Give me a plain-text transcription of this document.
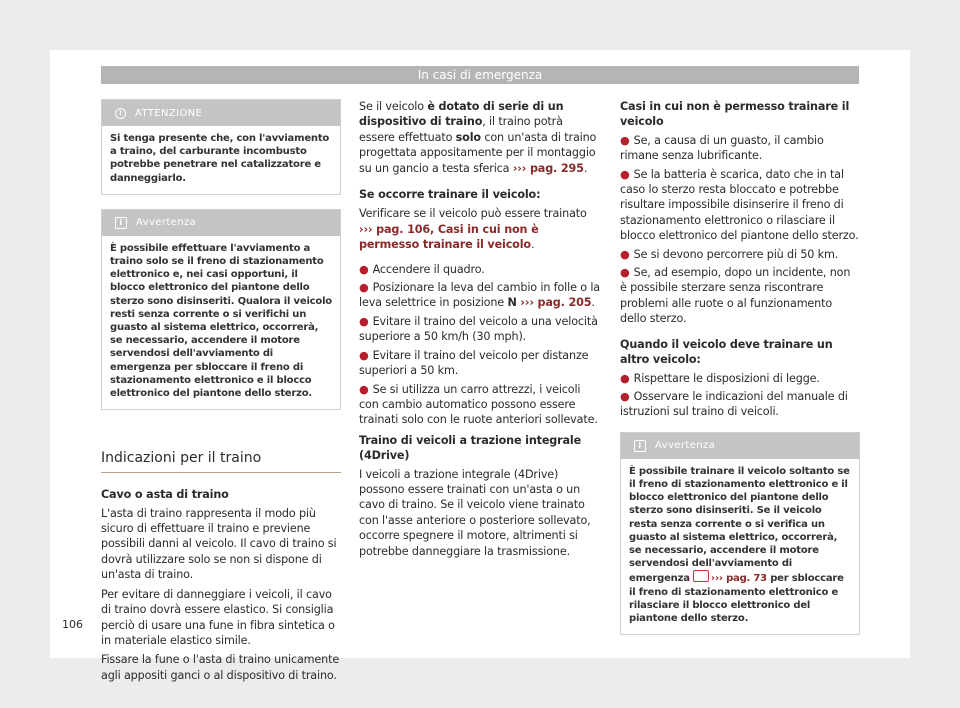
In casi di emergenza
!	ATTENZIONE
Si tenga presente che, con l'avviamento a traino, del carburante incombusto potrebbe penetrare nel catalizzatore e danneggiarlo.
i	Avvertenza
È possibile effettuare l'avviamento a traino solo se il freno di stazionamento elettronico e, nei casi opportuni, il blocco elettronico del piantone dello sterzo sono disinseriti. Qualora il veicolo resti senza corrente o si verifichi un guasto al sistema elettrico, occorrerà, se necessario, accendere il motore servendosi dell'avviamento di emergenza per sbloccare il freno di stazionamento elettronico e il blocco elettronico del piantone dello sterzo.
Indicazioni per il traino

Cavo o asta di traino

L'asta di traino rappresenta il modo più sicuro di effettuare il traino e previene possibili danni al veicolo. Il cavo di traino si dovrà utilizzare solo se non si dispone di un'asta di traino.

Per evitare di danneggiare i veicoli, il cavo di traino dovrà essere elastico. Si consiglia perciò di usare una fune in fibra sintetica o in materiale elastico simile.

Fissare la fune o l'asta di traino unicamente agli appositi ganci o al dispositivo di traino.

Se il veicolo è dotato di serie di un dispositivo di traino, il traino potrà essere effettuato solo con un'asta di traino progettata appositamente per il montaggio su un gancio a testa sferica ››› pag. 295.

Se occorre trainare il veicolo:

Verificare se il veicolo può essere trainato ››› pag. 106, Casi in cui non è permesso trainare il veicolo.

● Accendere il quadro.

● Posizionare la leva del cambio in folle o la leva selettrice in posizione N ››› pag. 205.

● Evitare il traino del veicolo a una velocità superiore a 50 km/h (30 mph).

● Evitare il traino del veicolo per distanze superiori a 50 km.

● Se si utilizza un carro attrezzi, i veicoli con cambio automatico possono essere trainati solo con le ruote anteriori sollevate.

Traino di veicoli a trazione integrale (4Drive)

I veicoli a trazione integrale (4Drive) possono essere trainati con un'asta o un cavo di traino. Se il veicolo viene trainato con l'asse anteriore o posteriore sollevato, occorre spegnere il motore, altrimenti si potrebbe danneggiare la trasmissione.

Casi in cui non è permesso trainare il veicolo

● Se, a causa di un guasto, il cambio rimane senza lubrificante.

● Se la batteria è scarica, dato che in tal caso lo sterzo resta bloccato e potrebbe risultare impossibile disinserire il freno di stazionamento elettronico o rilasciare il blocco elettronico del piantone dello sterzo.

● Se si devono percorrere più di 50 km.

● Se, ad esempio, dopo un incidente, non è possibile sterzare senza riscontrare problemi alle ruote o al funzionamento dello sterzo.

Quando il veicolo deve trainare un altro veicolo:

● Rispettare le disposizioni di legge.

● Osservare le indicazioni del manuale di istruzioni sul traino di veicoli.

i	Avvertenza
È possibile trainare il veicolo soltanto se il freno di stazionamento elettronico e il blocco elettronico del piantone dello sterzo sono disinseriti. Se il veicolo resta senza corrente o si verifica un guasto al sistema elettrico, occorrerà, se necessario, accendere il motore servendosi dell'avviamento di emergenza ››› pag. 73 per sbloccare il freno di stazionamento elettronico e rilasciare il blocco elettronico del piantone dello sterzo.
106
